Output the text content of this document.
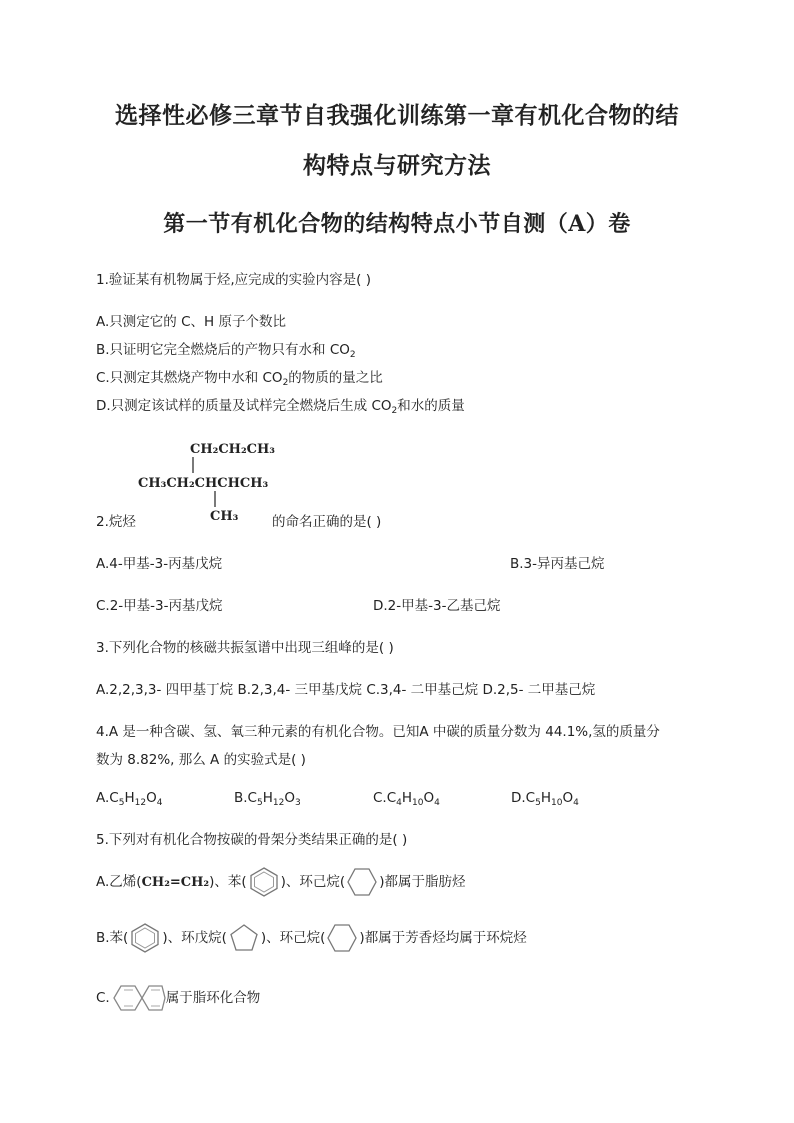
选择性必修三章节自我强化训练第一章有机化合物的结
构特点与研究方法
第一节有机化合物的结构特点小节自测（A）卷
1.验证某有机物属于烃,应完成的实验内容是( )
A.只测定它的 C、H 原子个数比
B.只证明它完全燃烧后的产物只有水和 $CO_2$
C.只测定其燃烧产物中水和 $CO_2$的物质的量之比
D.只测定该试样的质量及试样完全燃烧后生成 $CO_2$和水的质量
CH₂CH₂CH₃
CH₃CH₂CHCHCH₃
CH₃
2.烷烃	的命名正确的是( )
A.4-甲基-3-丙基戊烷	B.3-异丙基己烷
C.2-甲基-3-丙基戊烷	D.2-甲基-3-乙基己烷
3.下列化合物的核磁共振氢谱中出现三组峰的是( )
A.2,2,3,3- 四甲基丁烷 B.2,3,4- 三甲基戊烷 C.3,4- 二甲基己烷 D.2,5- 二甲基己烷
4.A 是一种含碳、氢、氧三种元素的有机化合物。已知A 中碳的质量分数为 44.1%,氢的质量分
数为 8.82%, 那么 A 的实验式是( )
$A.C_5H_{12}O_4$	$B.C_5H_{12}O_3$	$C.C_4H_{10}O_4$	$D.C_5H_{10}O_4$
5.下列对有机化合物按碳的骨架分类结果正确的是( )
A.乙烯(CH₂=CH₂)、苯(	)、环己烷(	)都属于脂肪烃
B.苯(	)、环戊烷(	)、环己烷(	)都属于芳香烃均属于环烷烃
C.	属于脂环化合物
